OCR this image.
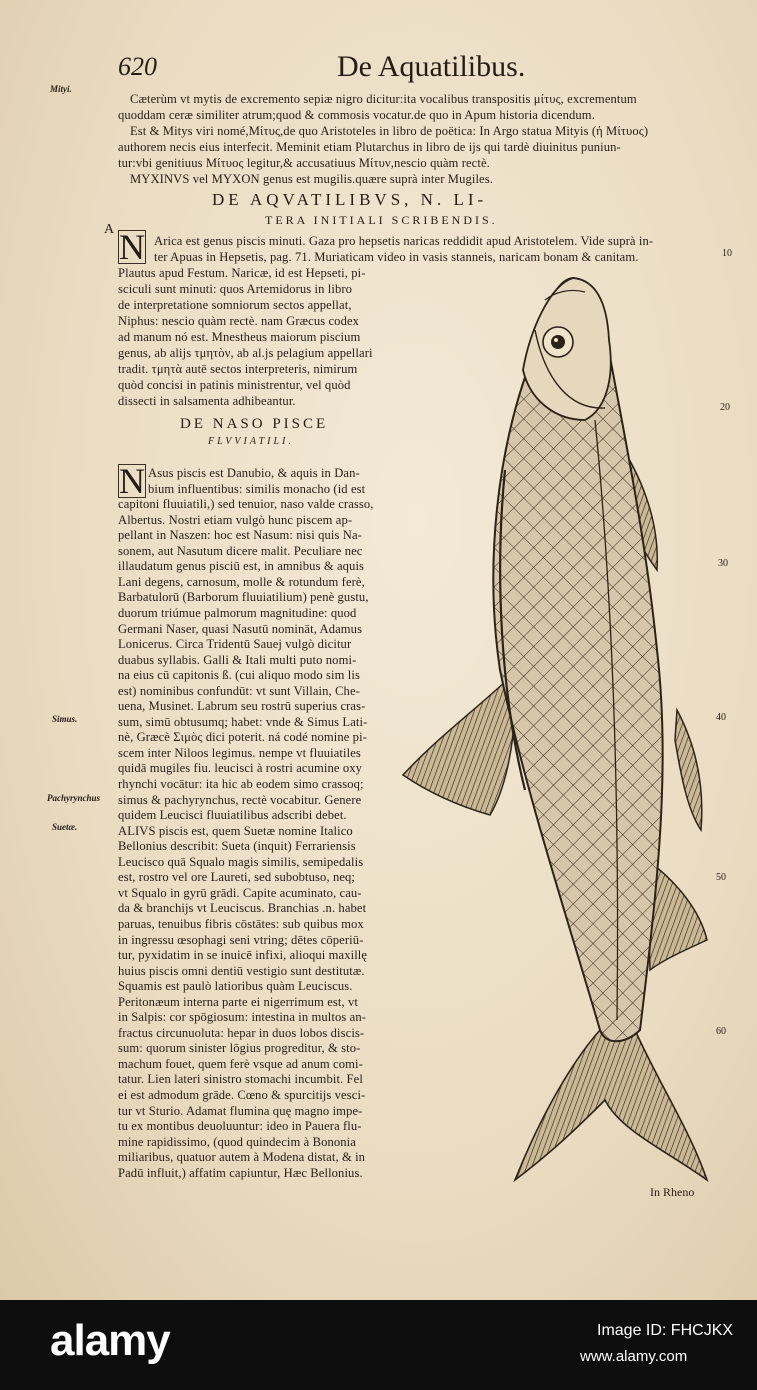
620	De Aquatilibus.
Mityi.
Simus.
Pachyrynchus
Suetæ.
10
20
30
40
50
60
A
Cæterùm vt mytis de excremento sepiæ nigro dicitur:ita vocalibus transpositis μίτυς, excrementum
quoddam ceræ similiter atrum;quod & commosis vocatur.de quo in Apum historia dicendum.
Est & Mitys viri nomé,Μίτυς,de quo Aristoteles in libro de poëtica: In Argo statua Mityis (ἡ Μίτυος)
authorem necis eius interfecit. Meminit etiam Plutarchus in libro de ijs qui tardè diuinitus puniun-
tur:vbi genitiuus Μίτυος legitur,& accusatiuus Μίτυν,nescio quàm rectè.
MYXINVS vel MYXON genus est mugilis.quære suprà inter Mugiles.
DE AQVATILIBVS, N. LI-
TERA INITIALI SCRIBENDIS.
N Arica est genus piscis minuti. Gaza pro hepsetis naricas reddidit apud Aristotelem. Vide suprà in-
ter Apuas in Hepsetis, pag. 71. Muriaticam video in vasis stanneis, naricam bonam & canitam.
Plautus apud Festum. Naricæ, id est Hepseti, pi-
sciculi sunt minuti: quos Artemidorus in libro
de interpretatione somniorum sectos appellat,
Niphus: nescio quàm rectè. nam Græcus codex
ad manum nó est. Mnestheus maiorum piscium
genus, ab alijs τμητὸν, ab al.js pelagium appellari
tradit. τμητὰ autē sectos interpreteris, nimirum
quòd concisi in patinis ministrentur, vel quòd
dissecti in salsamenta adhibeantur.
DE NASO PISCE
FLVVIATILI.
N Asus piscis est Danubio, & aquis in Dan-
bium influentibus: similis monacho (id est
capitoni fluuiatili,) sed tenuior, naso valde crasso,
Albertus. Nostri etiam vulgò hunc piscem ap-
pellant in Naszen: hoc est Nasum: nisi quis Na-
sonem, aut Nasutum dicere malit. Peculiare nec
illaudatum genus pisciū est, in amnibus & aquis
Lani degens, carnosum, molle & rotundum ferè,
Barbatulorū (Barborum fluuiatilium) penè gustu,
duorum triúmue palmorum magnitudine: quod
Germani Naser, quasi Nasutū nomināt, Adamus
Lonicerus. Circa Tridentū Sauej vulgò dicitur
duabus syllabis. Galli & Itali multi puto nomi-
na eius cū capitonis ß. (cui aliquo modo sim lis
est) nominibus confundūt: vt sunt Villain, Che-
uena, Musinet. Labrum seu rostrū superius cras-
sum, simū obtusumq; habet: vnde & Simus Lati-
nè, Græcè Σιμὸς dici poterit. ná codé nomine pi-
scem inter Niloos legimus. nempe vt fluuiatiles
quidā mugiles fiu. leucisci à rostri acumine oxy
rhynchi vocātur: ita hic ab eodem simo crassoq;
simus & pachyrynchus, rectè vocabitur. Genere
quidem Leucisci fluuiatilibus adscribi debet.
ALIVS piscis est, quem Suetæ nomine Italico
Bellonius describit: Sueta (inquit) Ferrariensis
Leucisco quā Squalo magis similis, semipedalis
est, rostro vel ore Laureti, sed subobtuso, neq;
vt Squalo in gyrū grādi. Capite acuminato, cau-
da & branchijs vt Leuciscus. Branchias .n. habet
paruas, tenuibus fibris cōstātes: sub quibus mox
in ingressu œsophagi seni vtring; dētes cōperiū-
tur, pyxidatim in se inuicē infixi, alioqui maxillę
huius piscis omni dentiū vestigio sunt destitutæ.
Squamis est paulò latioribus quàm Leuciscus.
Peritonæum interna parte ei nigerrimum est, vt
in Salpis: cor spōgiosum: intestina in multos an-
fractus circunuoluta: hepar in duos lobos discis-
sum: quorum sinister lōgius progreditur, & sto-
machum fouet, quem ferè vsque ad anum comi-
tatur. Lien lateri sinistro stomachi incumbit. Fel
ei est admodum grāde. Cœno & spurcitijs vesci-
tur vt Sturio. Adamat flumina quę magno impe-
tu ex montibus deuoluuntur: ideo in Pauera flu-
mine rapidissimo, (quod quindecim à Bononia
miliaribus, quatuor autem à Modena distat, & in
Padū influit,) affatim capiuntur, Hæc Bellonius.
In Rheno
alamy	Image ID: FHCJKX
www.alamy.com
